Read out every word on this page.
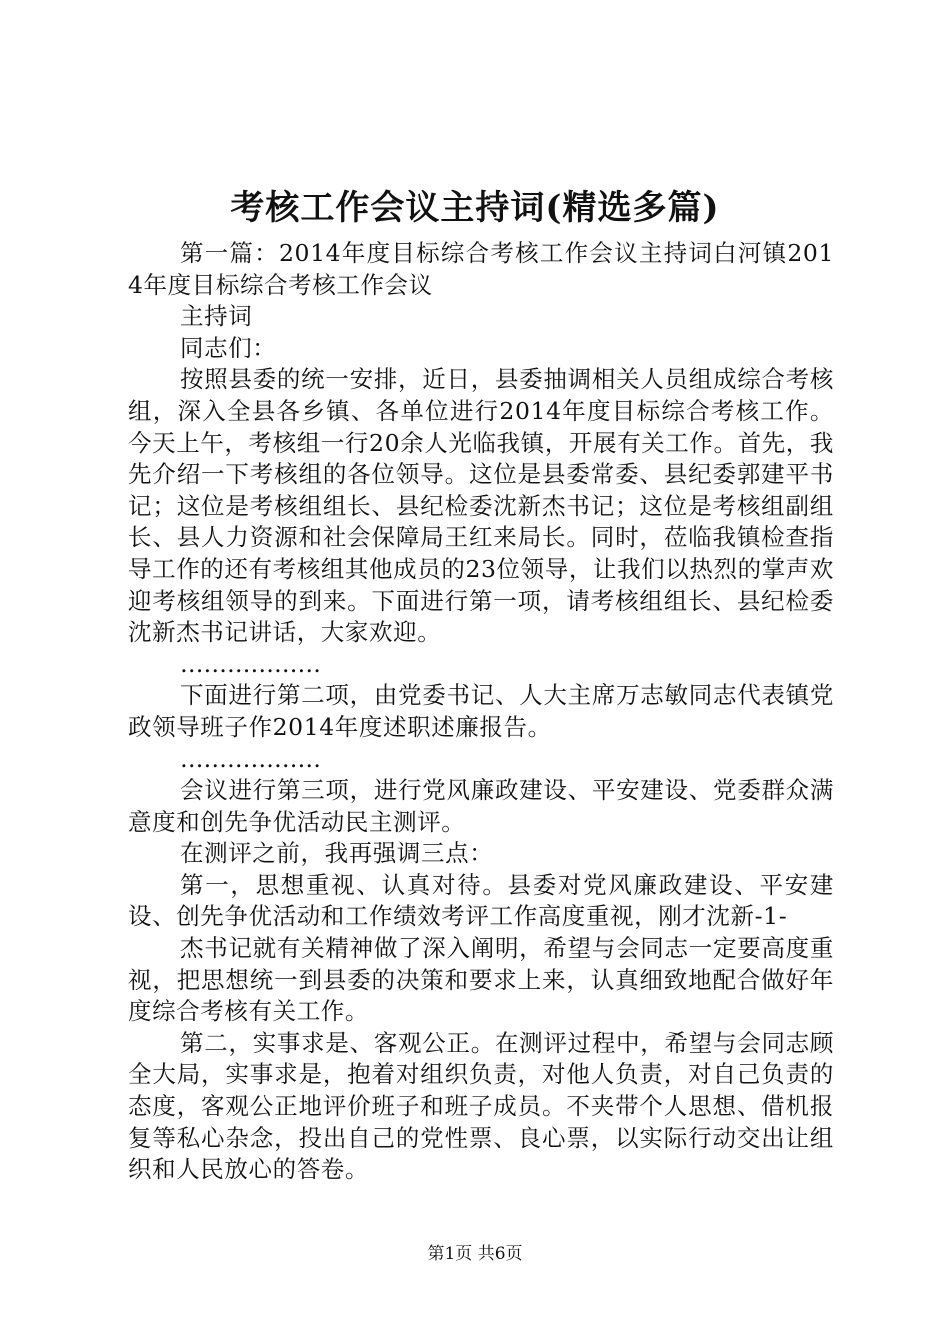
考核工作会议主持词(精选多篇)

第一篇：2014年度目标综合考核工作会议主持词白河镇2014年度目标综合考核工作会议

主持词

同志们：

按照县委的统一安排，近日，县委抽调相关人员组成综合考核组，深入全县各乡镇、各单位进行2014年度目标综合考核工作。今天上午，考核组一行20余人光临我镇，开展有关工作。首先，我先介绍一下考核组的各位领导。这位是县委常委、县纪委郭建平书记；这位是考核组组长、县纪检委沈新杰书记；这位是考核组副组长、县人力资源和社会保障局王红来局长。同时，莅临我镇检查指导工作的还有考核组其他成员的23位领导，让我们以热烈的掌声欢迎考核组领导的到来。下面进行第一项，请考核组组长、县纪检委沈新杰书记讲话，大家欢迎。

………………

下面进行第二项，由党委书记、人大主席万志敏同志代表镇党政领导班子作2014年度述职述廉报告。

………………

会议进行第三项，进行党风廉政建设、平安建设、党委群众满意度和创先争优活动民主测评。

在测评之前，我再强调三点：

第一，思想重视、认真对待。县委对党风廉政建设、平安建设、创先争优活动和工作绩效考评工作高度重视，刚才沈新-1-

杰书记就有关精神做了深入阐明，希望与会同志一定要高度重视，把思想统一到县委的决策和要求上来，认真细致地配合做好年度综合考核有关工作。

第二，实事求是、客观公正。在测评过程中，希望与会同志顾全大局，实事求是，抱着对组织负责，对他人负责，对自己负责的态度，客观公正地评价班子和班子成员。不夹带个人思想、借机报复等私心杂念，投出自己的党性票、良心票，以实际行动交出让组织和人民放心的答卷。

第1页 共6页
